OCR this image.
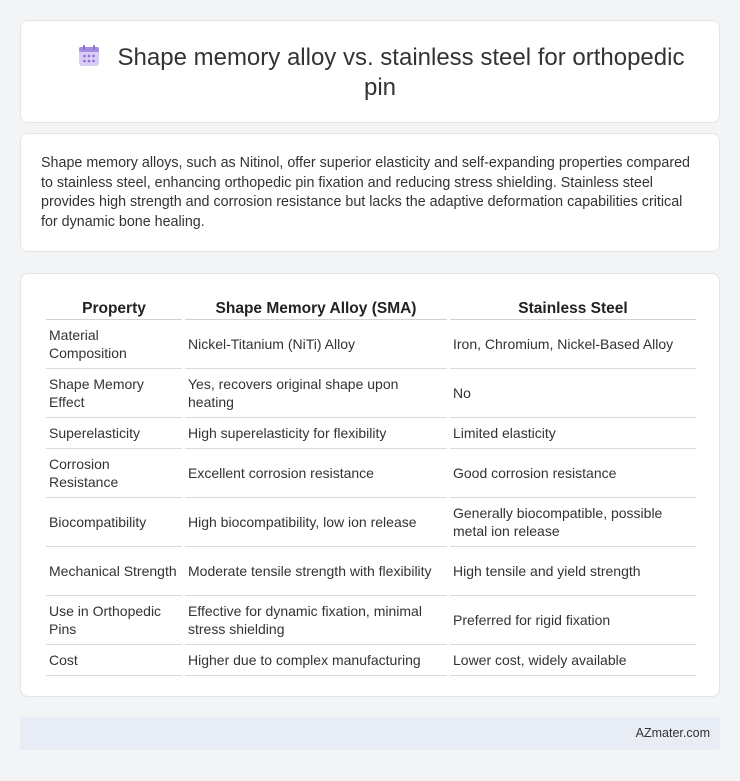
Shape memory alloy vs. stainless steel for orthopedic pin

Shape memory alloys, such as Nitinol, offer superior elasticity and self-expanding properties compared to stainless steel, enhancing orthopedic pin fixation and reducing stress shielding. Stainless steel provides high strength and corrosion resistance but lacks the adaptive deformation capabilities critical for dynamic bone healing.

Property	Shape Memory Alloy (SMA)	Stainless Steel
Material Composition	Nickel-Titanium (NiTi) Alloy	Iron, Chromium, Nickel-Based Alloy
Shape Memory Effect	Yes, recovers original shape upon heating	No
Superelasticity	High superelasticity for flexibility	Limited elasticity
Corrosion Resistance	Excellent corrosion resistance	Good corrosion resistance
Biocompatibility	High biocompatibility, low ion release	Generally biocompatible, possible metal ion release
Mechanical Strength	Moderate tensile strength with flexibility	High tensile and yield strength
Use in Orthopedic Pins	Effective for dynamic fixation, minimal stress shielding	Preferred for rigid fixation
Cost	Higher due to complex manufacturing	Lower cost, widely available
AZmater.com
